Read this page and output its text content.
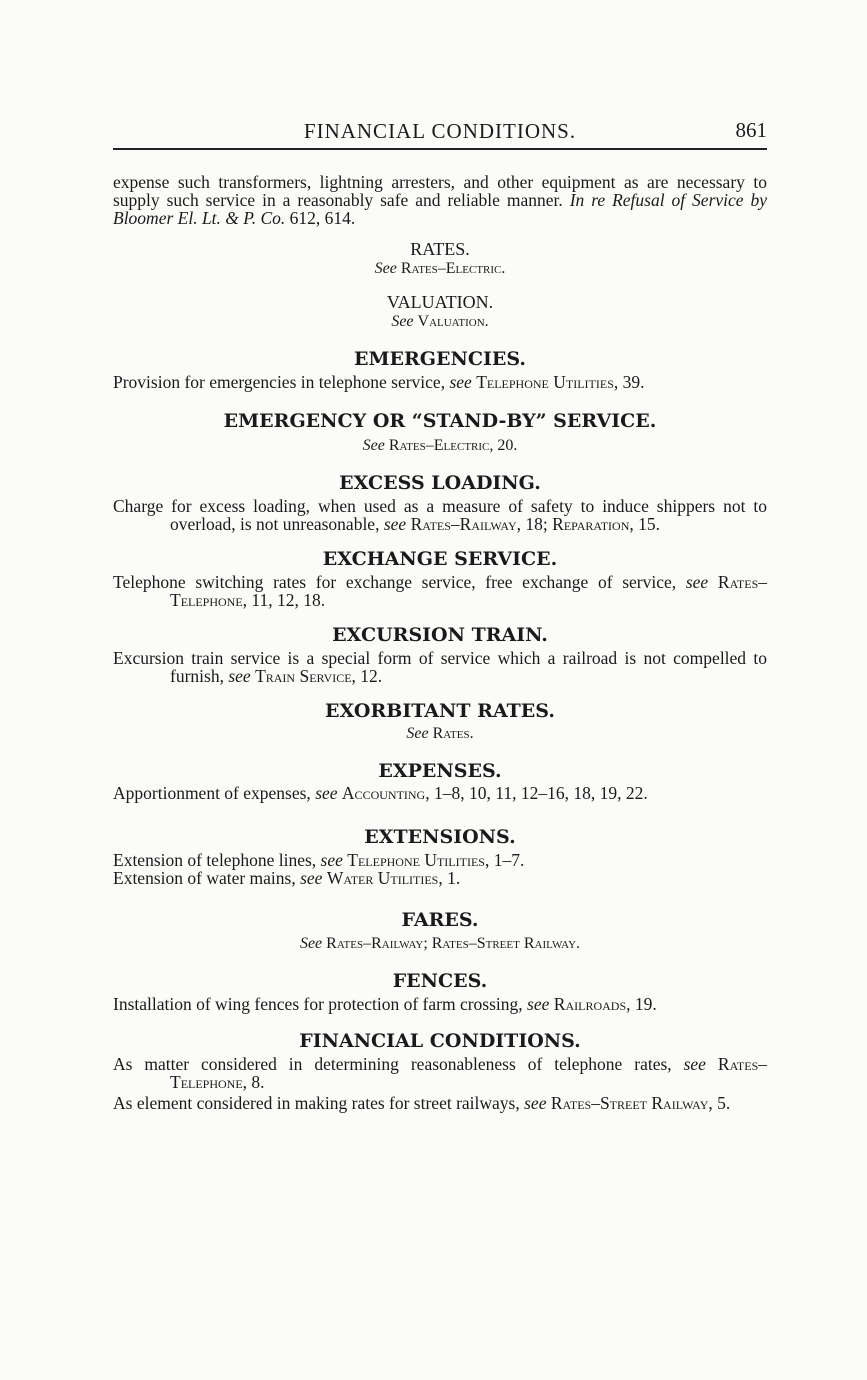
FINANCIAL CONDITIONS.	861

expense such transformers, lightning arresters, and other equipment as are necessary to supply such service in a reasonably safe and reliable manner. In re Refusal of Service by Bloomer El. Lt. & P. Co. 612, 614.

RATES.

See Rates–Electric.

VALUATION.

See Valuation.

EMERGENCIES.

Provision for emergencies in telephone service, see Telephone Utilities, 39.

EMERGENCY OR “STAND-BY” SERVICE.

See Rates–Electric, 20.

EXCESS LOADING.

Charge for excess loading, when used as a measure of safety to induce shippers not to overload, is not unreasonable, see Rates–Railway, 18; Reparation, 15.

EXCHANGE SERVICE.

Telephone switching rates for exchange service, free exchange of service, see Rates–Telephone, 11, 12, 18.

EXCURSION TRAIN.

Excursion train service is a special form of service which a railroad is not compelled to furnish, see Train Service, 12.

EXORBITANT RATES.

See Rates.

EXPENSES.

Apportionment of expenses, see Accounting, 1–8, 10, 11, 12–16, 18, 19, 22.

EXTENSIONS.

Extension of telephone lines, see Telephone Utilities, 1–7.

Extension of water mains, see Water Utilities, 1.

FARES.

See Rates–Railway; Rates–Street Railway.

FENCES.

Installation of wing fences for protection of farm crossing, see Railroads, 19.

FINANCIAL CONDITIONS.

As matter considered in determining reasonableness of telephone rates, see Rates–Telephone, 8.

As element considered in making rates for street railways, see Rates–Street Railway, 5.
